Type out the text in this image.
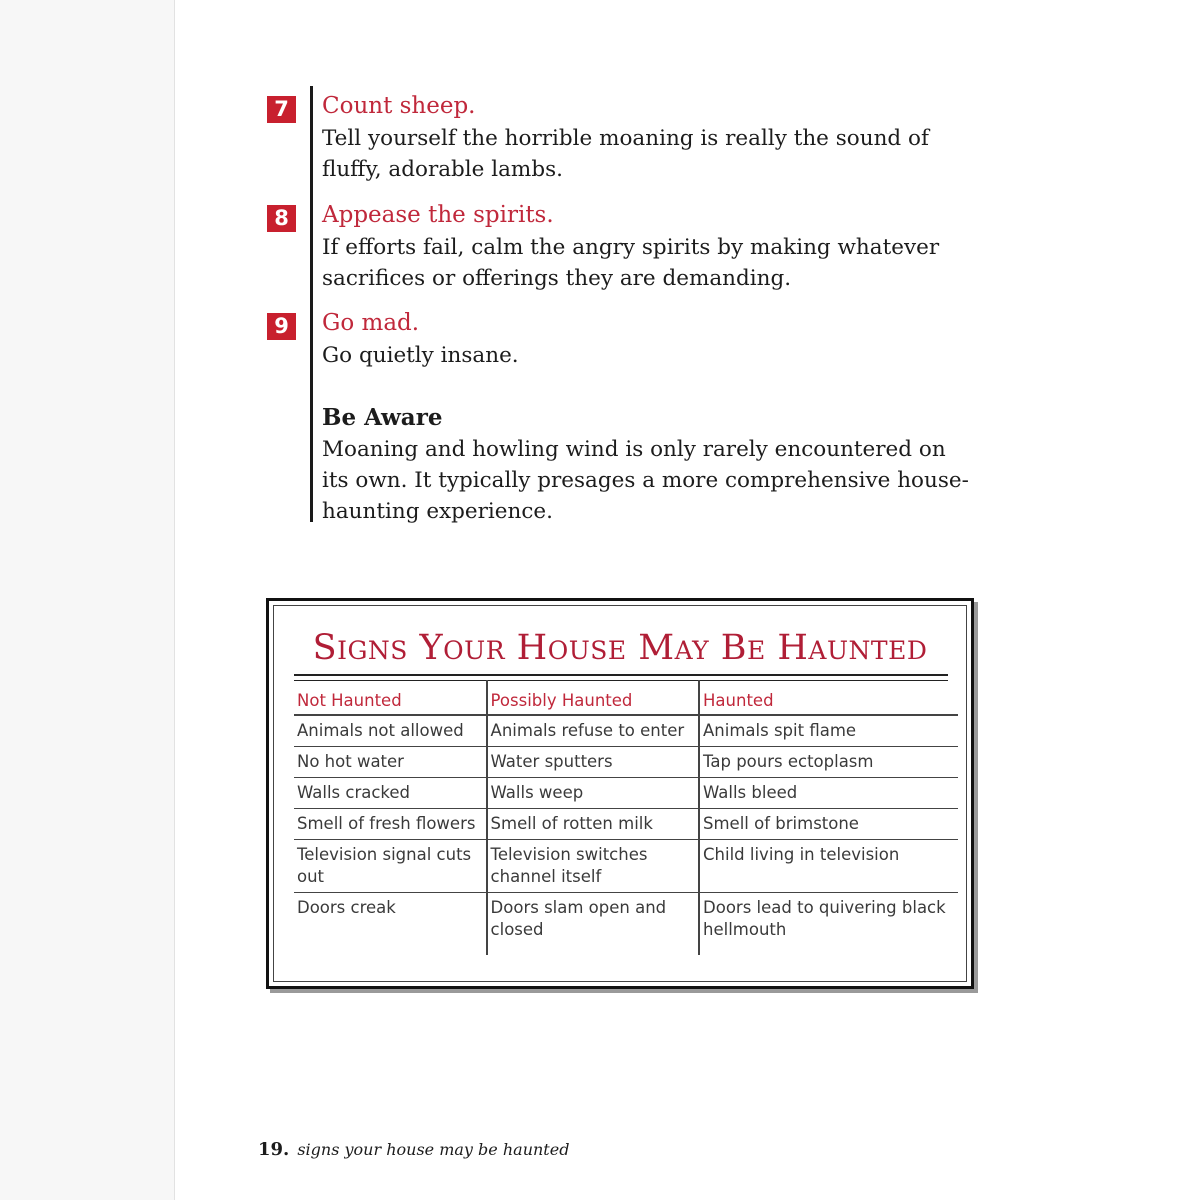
7	Count sheep.
Tell yourself the horrible moaning is really the sound of fluffy, adorable lambs.
8	Appease the spirits.
If efforts fail, calm the angry spirits by making whatever sacrifices or offerings they are demanding.
9	Go mad.
Go quietly insane.
Be Aware
Moaning and howling wind is only rarely encountered on its own. It typically presages a more comprehensive house-haunting experience.
Signs Your House May Be Haunted
Not Haunted	Possibly Haunted	Haunted
Animals not allowed	Animals refuse to enter	Animals spit flame
No hot water	Water sputters	Tap pours ectoplasm
Walls cracked	Walls weep	Walls bleed
Smell of fresh flowers	Smell of rotten milk	Smell of brimstone
Television signal cuts out	Television switches channel itself	Child living in television
Doors creak	Doors slam open and closed	Doors lead to quivering black hellmouth
19. signs your house may be haunted
